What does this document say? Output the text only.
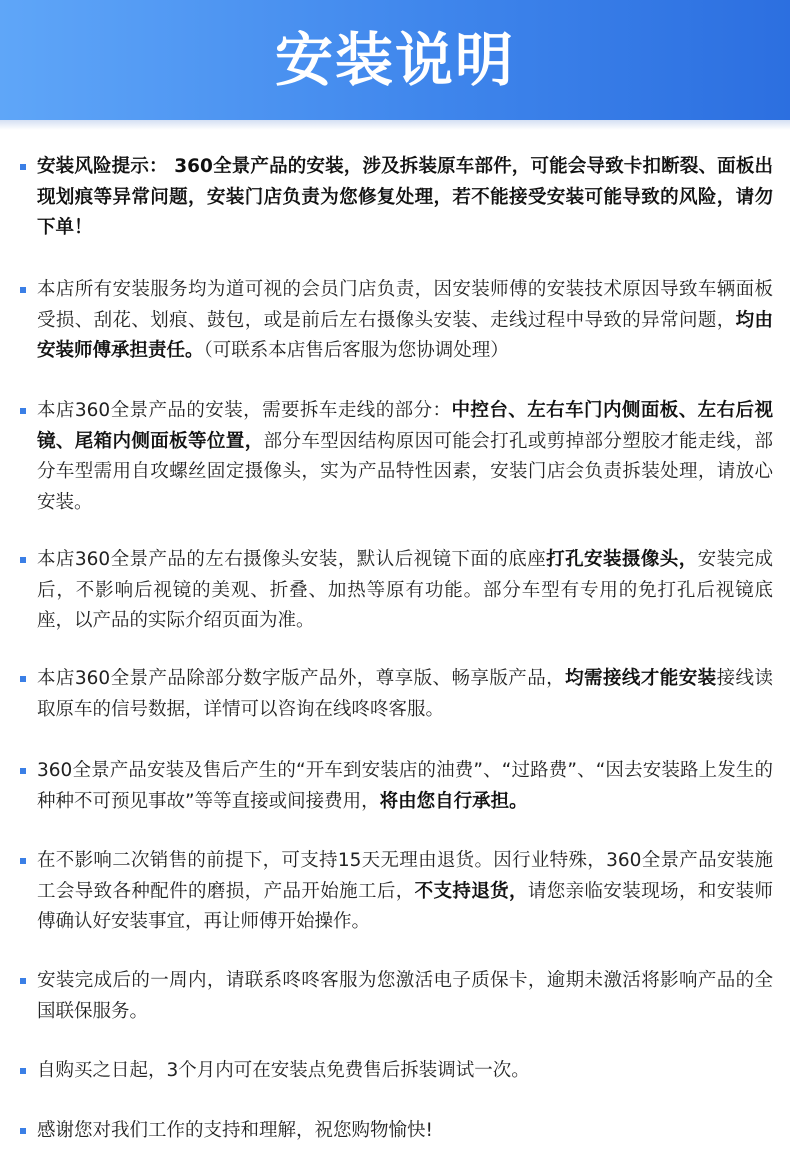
安装说明
安装风险提示： 360全景产品的安装，涉及拆装原车部件，可能会导致卡扣断裂、面板出现划痕等异常问题，安装门店负责为您修复处理，若不能接受安装可能导致的风险，请勿下单！
本店所有安装服务均为道可视的会员门店负责，因安装师傅的安装技术原因导致车辆面板受损、刮花、划痕、鼓包，或是前后左右摄像头安装、走线过程中导致的异常问题，均由安装师傅承担责任。（可联系本店售后客服为您协调处理）
本店360全景产品的安装，需要拆车走线的部分：中控台、左右车门内侧面板、左右后视镜、尾箱内侧面板等位置，部分车型因结构原因可能会打孔或剪掉部分塑胶才能走线，部分车型需用自攻螺丝固定摄像头，实为产品特性因素，安装门店会负责拆装处理，请放心安装。
本店360全景产品的左右摄像头安装，默认后视镜下面的底座打孔安装摄像头，安装完成后，不影响后视镜的美观、折叠、加热等原有功能。部分车型有专用的免打孔后视镜底座，以产品的实际介绍页面为准。
本店360全景产品除部分数字版产品外，尊享版、畅享版产品，均需接线才能安装接线读取原车的信号数据，详情可以咨询在线咚咚客服。
360全景产品安装及售后产生的“开车到安装店的油费”、“过路费”、“因去安装路上发生的种种不可预见事故”等等直接或间接费用，将由您自行承担。
在不影响二次销售的前提下，可支持15天无理由退货。因行业特殊，360全景产品安装施工会导致各种配件的磨损，产品开始施工后，不支持退货，请您亲临安装现场，和安装师傅确认好安装事宜，再让师傅开始操作。
安装完成后的一周内，请联系咚咚客服为您激活电子质保卡，逾期未激活将影响产品的全国联保服务。
自购买之日起，3个月内可在安装点免费售后拆装调试一次。
感谢您对我们工作的支持和理解，祝您购物愉快!
